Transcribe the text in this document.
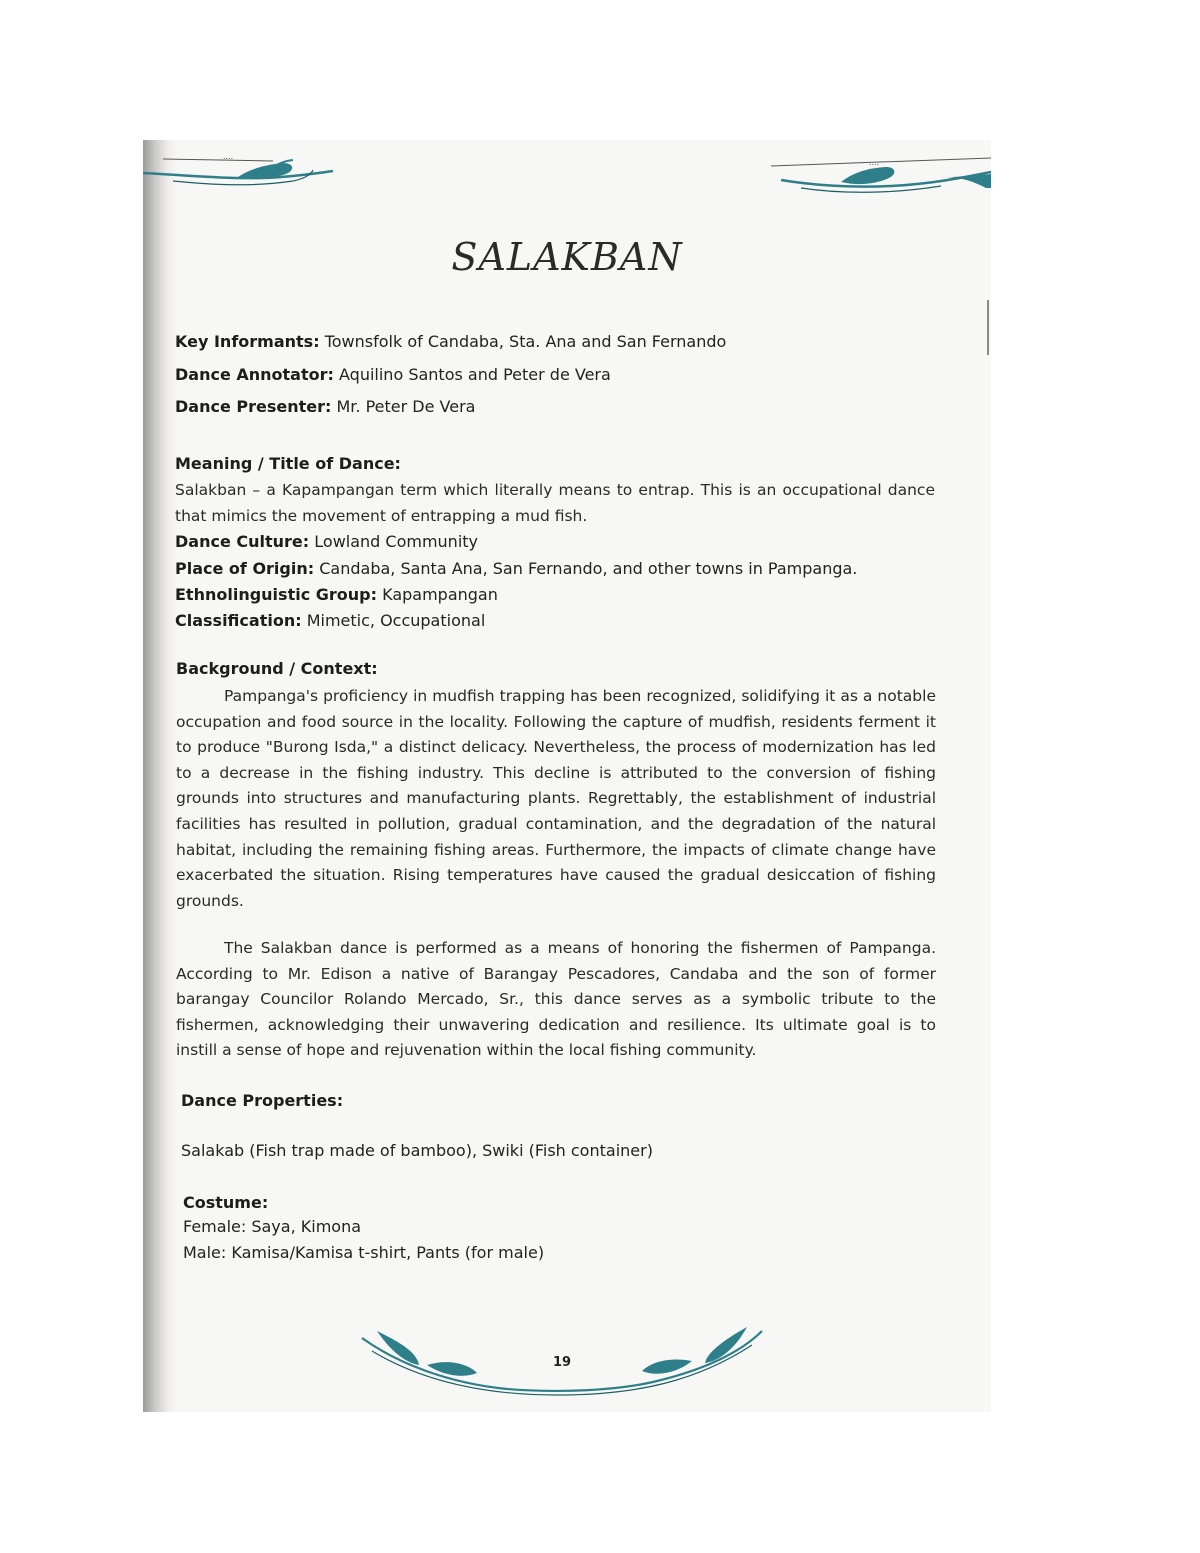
....
....
SALAKBAN
Key Informants: Townsfolk of Candaba, Sta. Ana and San Fernando
Dance Annotator: Aquilino Santos and Peter de Vera
Dance Presenter: Mr. Peter De Vera
Meaning / Title of Dance:
Salakban – a Kapampangan term which literally means to entrap. This is an occupational dance that mimics the movement of entrapping a mud fish.
Dance Culture: Lowland Community
Place of Origin: Candaba, Santa Ana, San Fernando, and other towns in Pampanga.
Ethnolinguistic Group: Kapampangan
Classification: Mimetic, Occupational
Background / Context:
Pampanga's proficiency in mudfish trapping has been recognized, solidifying it as a notable occupation and food source in the locality. Following the capture of mudfish, residents ferment it to produce "Burong Isda," a distinct delicacy. Nevertheless, the process of modernization has led to a decrease in the fishing industry. This decline is attributed to the conversion of fishing grounds into structures and manufacturing plants. Regrettably, the establishment of industrial facilities has resulted in pollution, gradual contamination, and the degradation of the natural habitat, including the remaining fishing areas. Furthermore, the impacts of climate change have exacerbated the situation. Rising temperatures have caused the gradual desiccation of fishing grounds.
The Salakban dance is performed as a means of honoring the fishermen of Pampanga. According to Mr. Edison a native of Barangay Pescadores, Candaba and the son of former barangay Councilor Rolando Mercado, Sr., this dance serves as a symbolic tribute to the fishermen, acknowledging their unwavering dedication and resilience. Its ultimate goal is to instill a sense of hope and rejuvenation within the local fishing community.
Dance Properties:
Salakab (Fish trap made of bamboo), Swiki (Fish container)
Costume:
Female: Saya, Kimona
Male: Kamisa/Kamisa t-shirt, Pants (for male)
19
